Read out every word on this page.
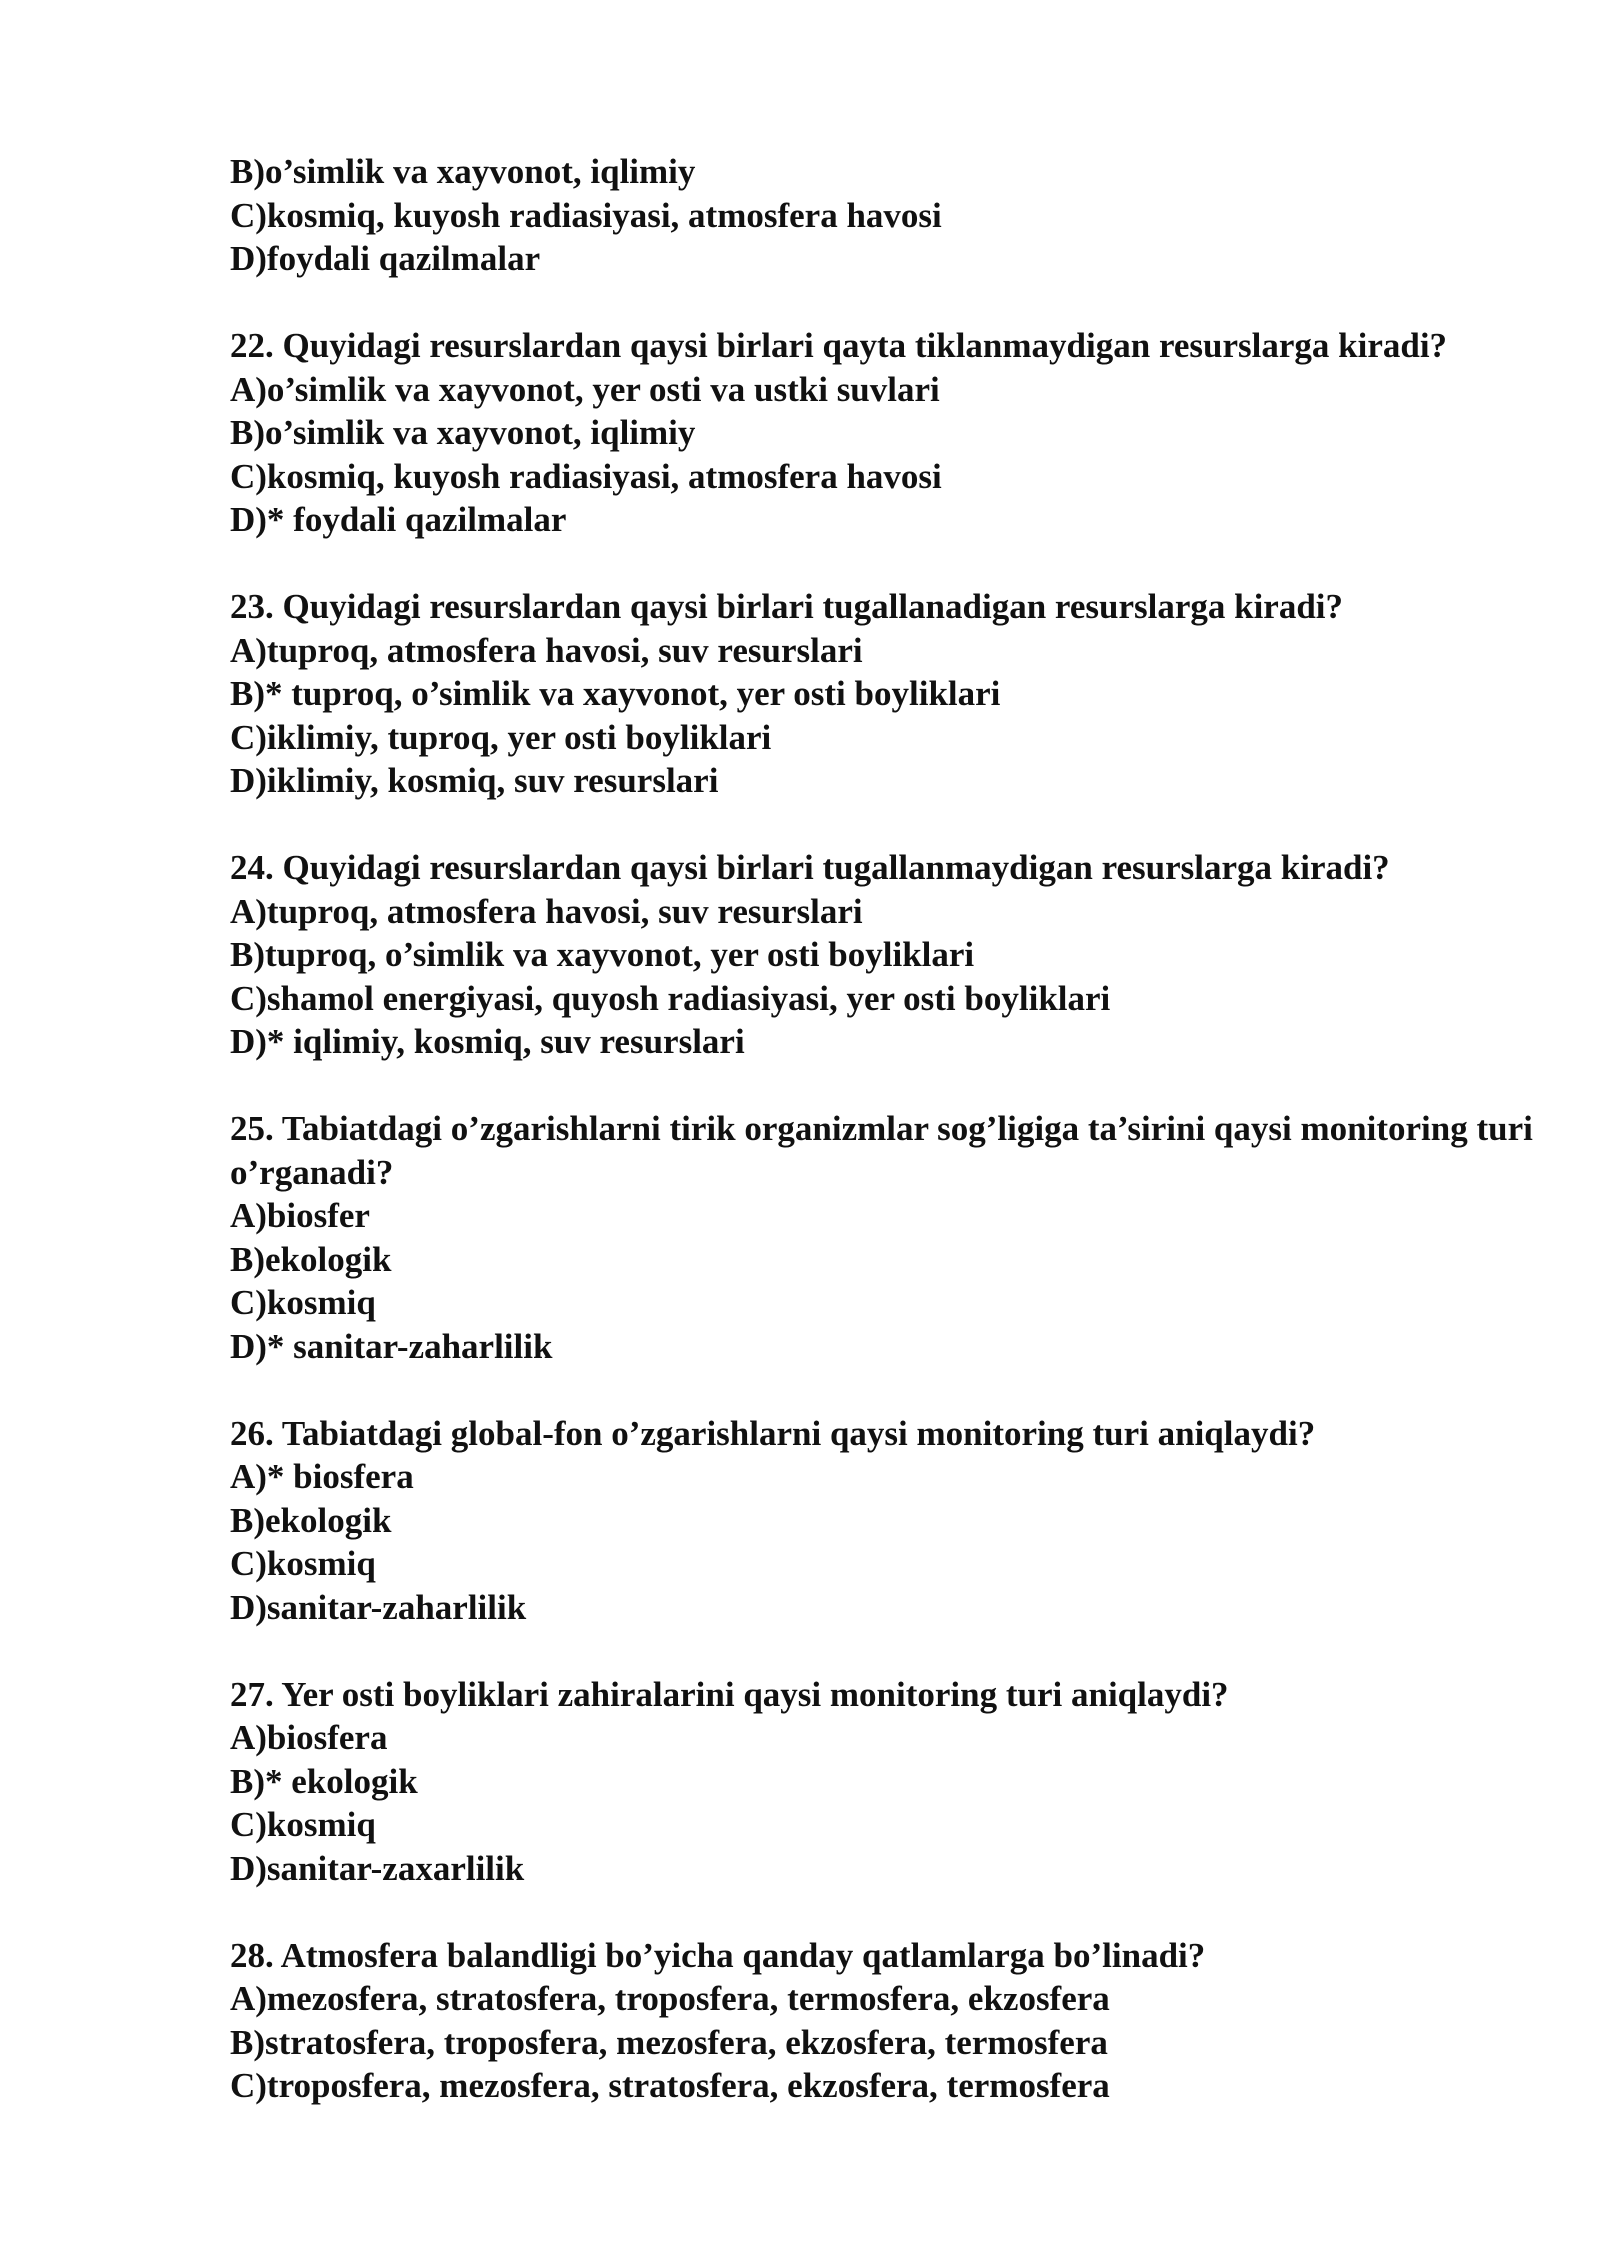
B)o’simlik va xayvonot, iqlimiy
C)kosmiq, kuyosh radiasiyasi, atmosfera havosi
D)foydali qazilmalar
22. Quyidagi resurslardan qaysi birlari qayta tiklanmaydigan resurslarga kiradi?
A)o’simlik va xayvonot, yer osti va ustki suvlari
B)o’simlik va xayvonot, iqlimiy
C)kosmiq, kuyosh radiasiyasi, atmosfera havosi
D)* foydali qazilmalar
23. Quyidagi resurslardan qaysi birlari tugallanadigan resurslarga kiradi?
A)tuproq, atmosfera havosi, suv resurslari
B)* tuproq, o’simlik va xayvonot, yer osti boyliklari
C)iklimiy, tuproq, yer osti boyliklari
D)iklimiy, kosmiq, suv resurslari
24. Quyidagi resurslardan qaysi birlari tugallanmaydigan resurslarga kiradi?
A)tuproq, atmosfera havosi, suv resurslari
B)tuproq, o’simlik va xayvonot, yer osti boyliklari
C)shamol energiyasi, quyosh radiasiyasi, yer osti boyliklari
D)* iqlimiy, kosmiq, suv resurslari
25. Tabiatdagi o’zgarishlarni tirik organizmlar sog’ligiga ta’sirini qaysi monitoring turi o’rganadi?
A)biosfer
B)ekologik
C)kosmiq
D)* sanitar-zaharlilik
26. Tabiatdagi global-fon o’zgarishlarni qaysi monitoring turi aniqlaydi?
A)* biosfera
B)ekologik
C)kosmiq
D)sanitar-zaharlilik
27. Yer osti boyliklari zahiralarini qaysi monitoring turi aniqlaydi?
A)biosfera
B)* ekologik
C)kosmiq
D)sanitar-zaxarlilik
28. Atmosfera balandligi bo’yicha qanday qatlamlarga bo’linadi?
A)mezosfera, stratosfera, troposfera, termosfera, ekzosfera
B)stratosfera, troposfera, mezosfera, ekzosfera, termosfera
C)troposfera, mezosfera, stratosfera, ekzosfera, termosfera
